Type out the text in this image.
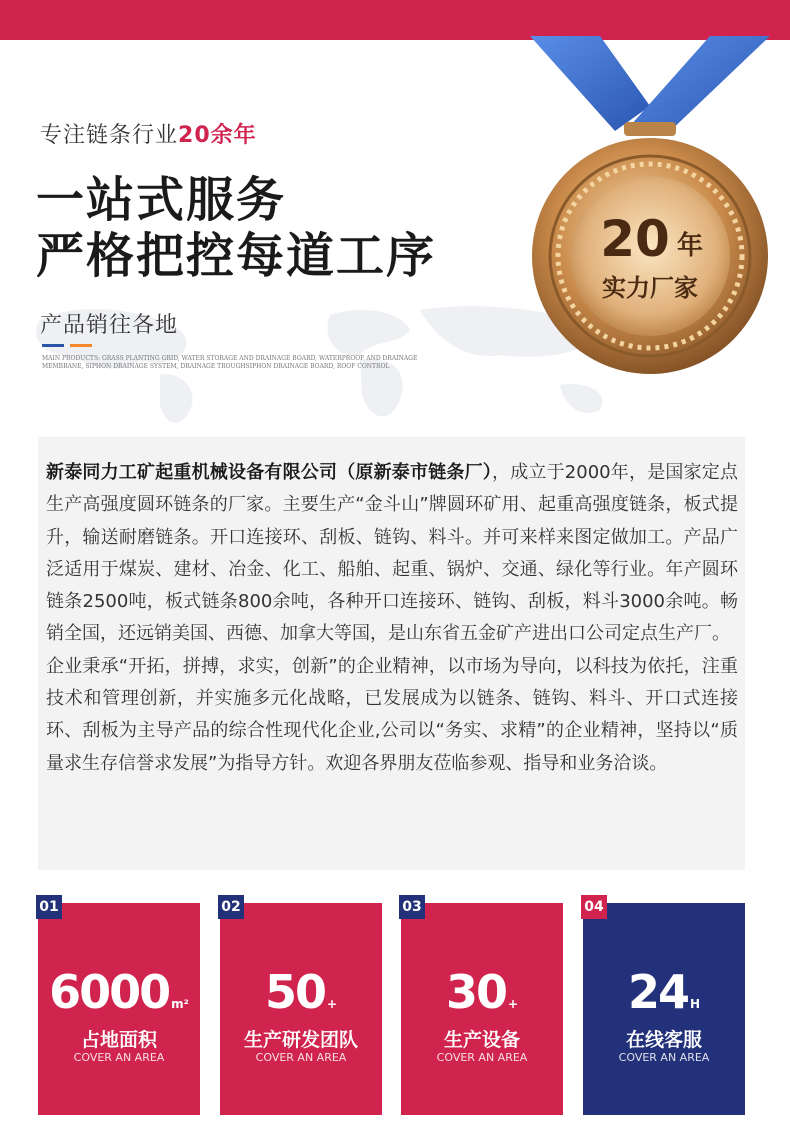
专注链条行业20余年
一站式服务
严格把控每道工序
产品销往各地
MAIN PRODUCTS: GRASS PLANTING GRID, WATER STORAGE AND DRAINAGE BOARD, WATERPROOF AND DRAINAGE MEMBRANE, SIPHON DRAINAGE SYSTEM, DRAINAGE TROUGHSIPHON DRAINAGE BOARD, ROOF CONTROL
20 年
实力厂家
新泰同力工矿起重机械设备有限公司（原新泰市链条厂），成立于2000年，是国家定点生产高强度圆环链条的厂家。主要生产“金斗山”牌圆环矿用、起重高强度链条，板式提升，输送耐磨链条。开口连接环、刮板、链钩、料斗。并可来样来图定做加工。产品广泛适用于煤炭、建材、冶金、化工、船舶、起重、锅炉、交通、绿化等行业。年产圆环链条2500吨，板式链条800余吨，各种开口连接环、链钩、刮板，料斗3000余吨。畅销全国，还远销美国、西德、加拿大等国，是山东省五金矿产进出口公司定点生产厂。
企业秉承“开拓，拼搏，求实，创新”的企业精神，以市场为导向，以科技为依托，注重技术和管理创新，并实施多元化战略，已发展成为以链条、链钩、料斗、开口式连接环、刮板为主导产品的综合性现代化企业,公司以“务实、求精”的企业精神，坚持以“质量求生存信誉求发展”为指导方针。欢迎各界朋友莅临参观、指导和业务洽谈。
01
6000 m²
占地面积
COVER AN AREA
02
50 +
生产研发团队
COVER AN AREA
03
30 +
生产设备
COVER AN AREA
04
24 H
在线客服
COVER AN AREA
